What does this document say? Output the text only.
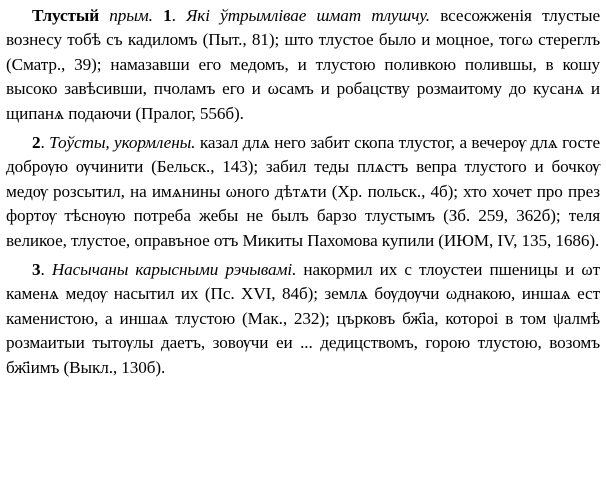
Тлустый прым. 1. Які ўтрымлівае шмат тлушчу. всесожженія тлустые вознесу тобѣ съ кадиломъ (Пыт., 81); што тлустое было и моцное, тогω стереглъ (Сматр., 39); намазавши его медомъ, и тлустою поливкою полившы, в кошу высоко завѣсивши, пчоламъ его и ωсамъ и робацству розмаитому до кусанѧ и щипанѧ подаючи (Пралог, 556б).

2. Тоўсты, укормлены. казал длѧ него забит скопа тлустог, а вечерѹ длѧ госте добрѹю ѹчинити (Бельск., 143); забил теды плѧстъ вепра тлустого и бочкѹ медѹ розсытил, на имѧнины ωного дѣтѧти (Хр. польск., 4б); хто хочет про през фортѹ тѣснѹю потреба жебы не былъ барзо тлустымъ (Зб. 259, 362б); теля великое, тлустое, оправъное отъ Микиты Пахомова купили (ИЮМ, IV, 135, 1686).

3. Насычаны карысными рэчывамі. накормил их с тлоустеи пшеницы и ωт каменѧ медѹ насытил их (Пс. XVI, 84б); землѧ бѹдѹчи ωднакою, иншаѧ ест каменистою, а иншаѧ тлустою (Мак., 232); църковъ бж҃іа, котороі в том ψалмѣ розмаитыи тытѹлы даетъ, зовѹчи еи ... дедицствомъ, горою тлустою, возомъ бж҃іимъ (Выкл., 130б).
